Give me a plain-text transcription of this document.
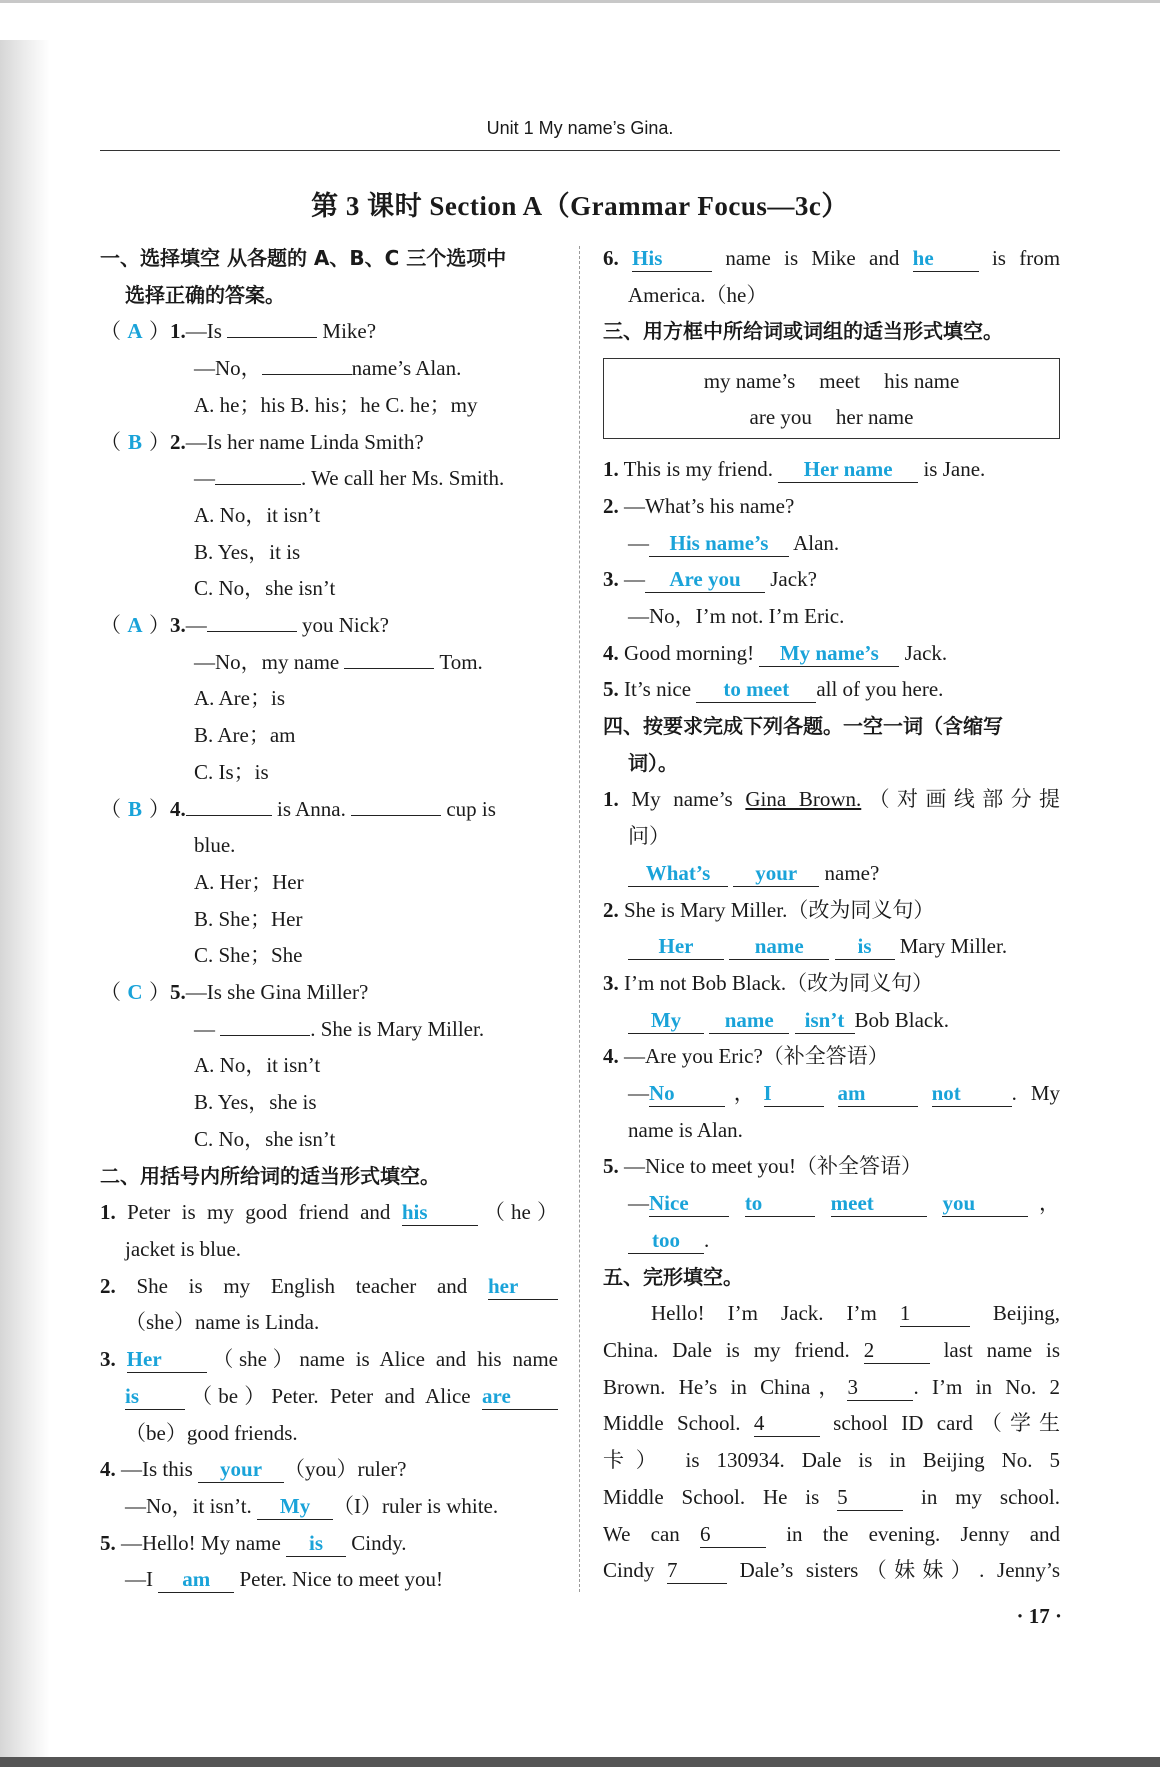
Unit 1 My name’s Gina.
第 3 课时 Section A（Grammar Focus—3c）
一、选择填空 从各题的 A、B、C 三个选项中
选择正确的答案。
（ A ）1.—Is	Mike?
—No，	name’s Alan.
A. he；his B. his；he C. he；my
（ B ）2.—Is her name Linda Smith?
—	. We call her Ms. Smith.
A. No，it isn’t
B. Yes，it is
C. No，she isn’t
（ A ）3.—	you Nick?
—No，my name	Tom.
A. Are；is
B. Are；am
C. Is；is
（ B ）4.	is Anna.	cup is
blue.
A. Her；Her
B. She；Her
C. She；She
（ C ）5.—Is she Gina Miller?
—	. She is Mary Miller.
A. No，it isn’t
B. Yes，she is
C. No，she isn’t
二、用括号内所给词的适当形式填空。
1. Peter is my good friend and his （he）
jacket is blue.
2. She is my English teacher and her
（she）name is Linda.
3. Her （she）name is Alice and his name
is （be）Peter. Peter and Alice are
（be）good friends.
4. —Is this your （you）ruler?
—No，it isn’t. My （I）ruler is white.
5. —Hello! My name is Cindy.
—I am Peter. Nice to meet you!
6. His	name is Mike and he	is from
America.（he）
三、用方框中所给词或词组的适当形式填空。
my name’s meet his name
are you her name
1. This is my friend. Her name is Jane.
2. —What’s his name?
— His name’s Alan.
3. — Are you Jack?
—No，I’m not. I’m Eric.
4. Good morning! My name’s Jack.
5. It’s nice to meet all of you here.
四、按要求完成下列各题。一空一词（含缩写
词）。
1. My name’s Gina Brown.（对画线部分提
问）
What’s your name?
2. She is Mary Miller.（改为同义句）
Her	name	is Mary Miller.
3. I’m not Bob Black.（改为同义句）
My name isn’t Bob Black.
4. —Are you Eric?（补全答语）
—No ，I	am	not . My
name is Alan.
5. —Nice to meet you!（补全答语）
—Nice	to	meet	you	，
too .
五、完形填空。
Hello! I’m Jack. I’m 1	Beijing,
China. Dale is my friend. 2	last name is
Brown. He’s in China，3	. I’m in No. 2
Middle School. 4	school ID card（学生
卡） is 130934. Dale is in Beijing No. 5
Middle School. He is 5	in my school.
We can 6	in the evening. Jenny and
Cindy 7	Dale’s sisters（妹妹）. Jenny’s
· 17 ·
